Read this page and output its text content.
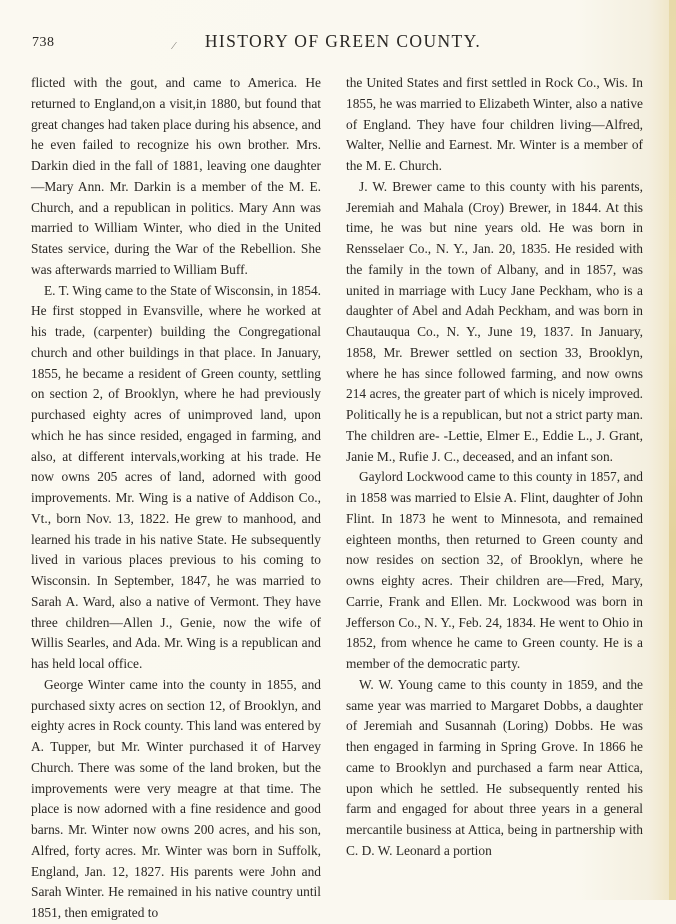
738	⁄	HISTORY OF GREEN COUNTY.

flicted with the gout, and came to America. He returned to England,on a visit,in 1880, but found that great changes had taken place during his absence, and he even failed to recognize his own brother. Mrs. Darkin died in the fall of 1881, leaving one daughter—Mary Ann. Mr. Darkin is a member of the M. E. Church, and a republican in politics. Mary Ann was married to William Winter, who died in the United States service, during the War of the Rebellion. She was afterwards married to William Buff.

E. T. Wing came to the State of Wisconsin, in 1854. He first stopped in Evansville, where he worked at his trade, (carpenter) building the Congregational church and other buildings in that place. In January, 1855, he became a resident of Green county, settling on section 2, of Brooklyn, where he had previously purchased eighty acres of unimproved land, upon which he has since resided, engaged in farming, and also, at different intervals,working at his trade. He now owns 205 acres of land, adorned with good improvements. Mr. Wing is a native of Addison Co., Vt., born Nov. 13, 1822. He grew to manhood, and learned his trade in his native State. He subsequently lived in various places previous to his coming to Wisconsin. In September, 1847, he was married to Sarah A. Ward, also a native of Vermont. They have three children—Allen J., Genie, now the wife of Willis Searles, and Ada. Mr. Wing is a republican and has held local office.

George Winter came into the county in 1855, and purchased sixty acres on section 12, of Brooklyn, and eighty acres in Rock county. This land was entered by A. Tupper, but Mr. Winter purchased it of Harvey Church. There was some of the land broken, but the improvements were very meagre at that time. The place is now adorned with a fine residence and good barns. Mr. Winter now owns 200 acres, and his son, Alfred, forty acres. Mr. Winter was born in Suffolk, England, Jan. 12, 1827. His parents were John and Sarah Winter. He remained in his native country until 1851, then emigrated to

the United States and first settled in Rock Co., Wis. In 1855, he was married to Elizabeth Winter, also a native of England. They have four children living—Alfred, Walter, Nellie and Earnest. Mr. Winter is a member of the M. E. Church.

J. W. Brewer came to this county with his parents, Jeremiah and Mahala (Croy) Brewer, in 1844. At this time, he was but nine years old. He was born in Rensselaer Co., N. Y., Jan. 20, 1835. He resided with the family in the town of Albany, and in 1857, was united in marriage with Lucy Jane Peckham, who is a daughter of Abel and Adah Peckham, and was born in Chautauqua Co., N. Y., June 19, 1837. In January, 1858, Mr. Brewer settled on section 33, Brooklyn, where he has since followed farming, and now owns 214 acres, the greater part of which is nicely improved. Politically he is a republican, but not a strict party man. The children are- -Lettie, Elmer E., Eddie L., J. Grant, Janie M., Rufie J. C., deceased, and an infant son.

Gaylord Lockwood came to this county in 1857, and in 1858 was married to Elsie A. Flint, daughter of John Flint. In 1873 he went to Minnesota, and remained eighteen months, then returned to Green county and now resides on section 32, of Brooklyn, where he owns eighty acres. Their children are—Fred, Mary, Carrie, Frank and Ellen. Mr. Lockwood was born in Jefferson Co., N. Y., Feb. 24, 1834. He went to Ohio in 1852, from whence he came to Green county. He is a member of the democratic party.

W. W. Young came to this county in 1859, and the same year was married to Margaret Dobbs, a daughter of Jeremiah and Susannah (Loring) Dobbs. He was then engaged in farming in Spring Grove. In 1866 he came to Brooklyn and purchased a farm near Attica, upon which he settled. He subsequently rented his farm and engaged for about three years in a general mercantile business at Attica, being in partnership with C. D. W. Leonard a portion
